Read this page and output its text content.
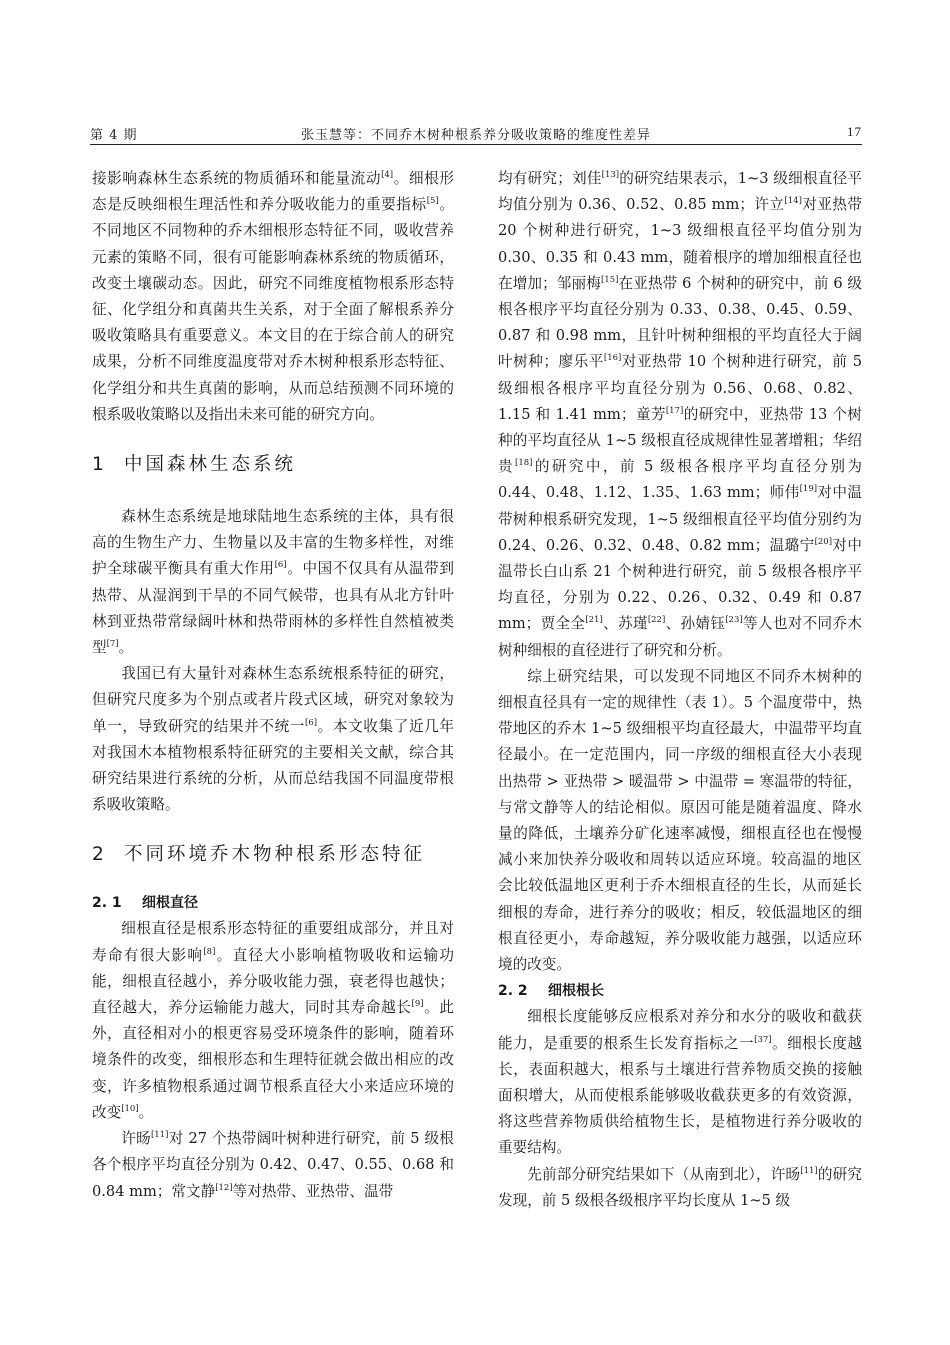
第 4 期	张玉慧等：不同乔木树种根系养分吸收策略的维度性差异	17

接影响森林生态系统的物质循环和能量流动[4]。细根形态是反映细根生理活性和养分吸收能力的重要指标[5]。不同地区不同物种的乔木细根形态特征不同，吸收营养元素的策略不同，很有可能影响森林系统的物质循环，改变土壤碳动态。因此，研究不同维度植物根系形态特征、化学组分和真菌共生关系，对于全面了解根系养分吸收策略具有重要意义。本文目的在于综合前人的研究成果，分析不同维度温度带对乔木树种根系形态特征、化学组分和共生真菌的影响，从而总结预测不同环境的根系吸收策略以及指出未来可能的研究方向。

1 中国森林生态系统

森林生态系统是地球陆地生态系统的主体，具有很高的生物生产力、生物量以及丰富的生物多样性，对维护全球碳平衡具有重大作用[6]。中国不仅具有从温带到热带、从湿润到干旱的不同气候带，也具有从北方针叶林到亚热带常绿阔叶林和热带雨林的多样性自然植被类型[7]。

我国已有大量针对森林生态系统根系特征的研究，但研究尺度多为个别点或者片段式区域，研究对象较为单一，导致研究的结果并不统一[6]。本文收集了近几年对我国木本植物根系特征研究的主要相关文献，综合其研究结果进行系统的分析，从而总结我国不同温度带根系吸收策略。

2 不同环境乔木物种根系形态特征
2. 1 细根直径

细根直径是根系形态特征的重要组成部分，并且对寿命有很大影响[8]。直径大小影响植物吸收和运输功能，细根直径越小，养分吸收能力强，衰老得也越快；直径越大，养分运输能力越大，同时其寿命越长[9]。此外，直径相对小的根更容易受环境条件的影响，随着环境条件的改变，细根形态和生理特征就会做出相应的改变，许多植物根系通过调节根系直径大小来适应环境的改变[10]。

许旸[11]对 27 个热带阔叶树种进行研究，前 5 级根各个根序平均直径分别为 0.42、0.47、0.55、0.68 和 0.84 mm；常文静[12]等对热带、亚热带、温带

均有研究；刘佳[13]的研究结果表示，1~3 级细根直径平均值分别为 0.36、0.52、0.85 mm；许立[14]对亚热带 20 个树种进行研究，1~3 级细根直径平均值分别为 0.30、0.35 和 0.43 mm，随着根序的增加细根直径也在增加；邹丽梅[15]在亚热带 6 个树种的研究中，前 6 级根各根序平均直径分别为 0.33、0.38、0.45、0.59、0.87 和 0.98 mm，且针叶树种细根的平均直径大于阔叶树种；廖乐平[16]对亚热带 10 个树种进行研究，前 5 级细根各根序平均直径分别为 0.56、0.68、0.82、1.15 和 1.41 mm；童芳[17]的研究中，亚热带 13 个树种的平均直径从 1~5 级根直径成规律性显著增粗；华绍贵[18]的研究中，前 5 级根各根序平均直径分别为 0.44、0.48、1.12、1.35、1.63 mm；师伟[19]对中温带树种根系研究发现，1~5 级细根直径平均值分别约为 0.24、0.26、0.32、0.48、0.82 mm；温璐宁[20]对中温带长白山系 21 个树种进行研究，前 5 级根各根序平均直径，分别为 0.22、0.26、0.32、0.49 和 0.87 mm；贾全全[21]、苏瑾[22]、孙婧钰[23]等人也对不同乔木树种细根的直径进行了研究和分析。

综上研究结果，可以发现不同地区不同乔木树种的细根直径具有一定的规律性（表 1）。5 个温度带中，热带地区的乔木 1~5 级细根平均直径最大，中温带平均直径最小。在一定范围内，同一序级的细根直径大小表现出热带 > 亚热带 > 暖温带 > 中温带 = 寒温带的特征，与常文静等人的结论相似。原因可能是随着温度、降水量的降低，土壤养分矿化速率减慢，细根直径也在慢慢减小来加快养分吸收和周转以适应环境。较高温的地区会比较低温地区更利于乔木细根直径的生长，从而延长细根的寿命，进行养分的吸收；相反，较低温地区的细根直径更小，寿命越短，养分吸收能力越强，以适应环境的改变。

2. 2 细根根长

细根长度能够反应根系对养分和水分的吸收和截获能力，是重要的根系生长发育指标之一[37]。细根长度越长，表面积越大，根系与土壤进行营养物质交换的接触面积增大，从而使根系能够吸收截获更多的有效资源，将这些营养物质供给植物生长，是植物进行养分吸收的重要结构。

先前部分研究结果如下（从南到北），许旸[11]的研究发现，前 5 级根各级根序平均长度从 1~5 级
